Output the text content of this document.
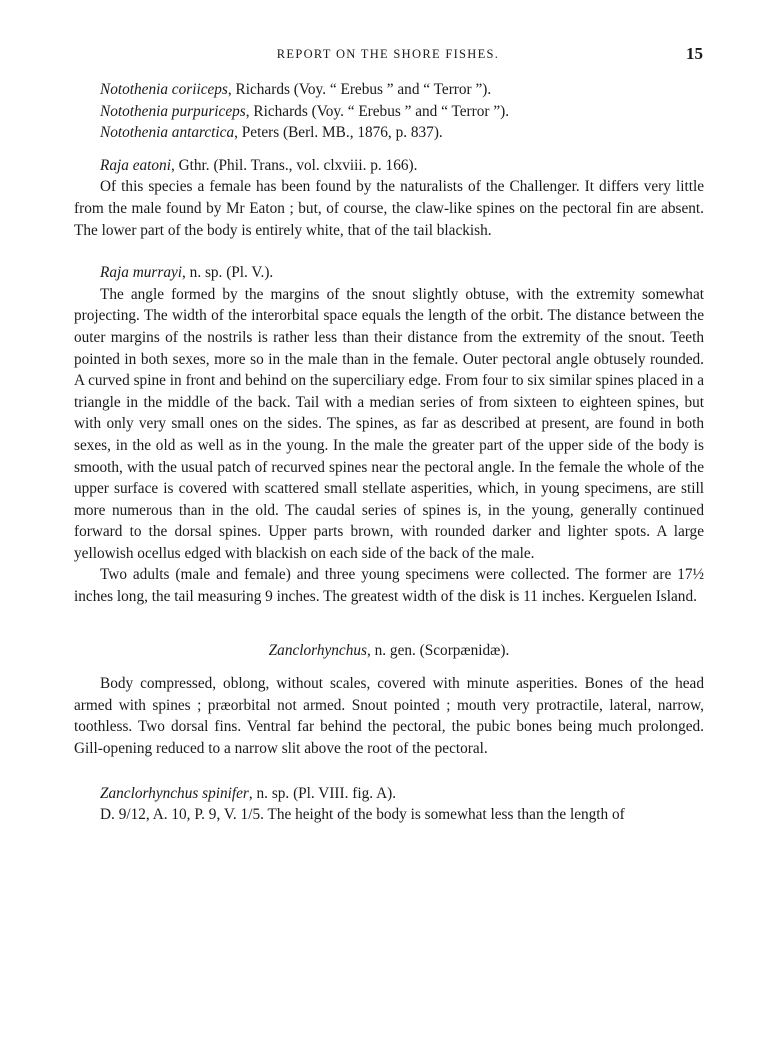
REPORT ON THE SHORE FISHES.	15

Notothenia coriiceps, Richards (Voy. “ Erebus ” and “ Terror ”).

Notothenia purpuriceps, Richards (Voy. “ Erebus ” and “ Terror ”).

Notothenia antarctica, Peters (Berl. MB., 1876, p. 837).

Raja eatoni, Gthr. (Phil. Trans., vol. clxviii. p. 166).

Of this species a female has been found by the naturalists of the Challenger. It differs very little from the male found by Mr Eaton ; but, of course, the claw-like spines on the pectoral fin are absent. The lower part of the body is entirely white, that of the tail blackish.

Raja murrayi, n. sp. (Pl. V.).

The angle formed by the margins of the snout slightly obtuse, with the extremity somewhat projecting. The width of the interorbital space equals the length of the orbit. The distance between the outer margins of the nostrils is rather less than their distance from the extremity of the snout. Teeth pointed in both sexes, more so in the male than in the female. Outer pectoral angle obtusely rounded. A curved spine in front and behind on the superciliary edge. From four to six similar spines placed in a triangle in the middle of the back. Tail with a median series of from sixteen to eighteen spines, but with only very small ones on the sides. The spines, as far as described at present, are found in both sexes, in the old as well as in the young. In the male the greater part of the upper side of the body is smooth, with the usual patch of recurved spines near the pectoral angle. In the female the whole of the upper surface is covered with scattered small stellate asperities, which, in young specimens, are still more numerous than in the old. The caudal series of spines is, in the young, generally continued forward to the dorsal spines. Upper parts brown, with rounded darker and lighter spots. A large yellowish ocellus edged with blackish on each side of the back of the male.

Two adults (male and female) and three young specimens were collected. The former are 17½ inches long, the tail measuring 9 inches. The greatest width of the disk is 11 inches. Kerguelen Island.

Zanclorhynchus, n. gen. (Scorpænidæ).

Body compressed, oblong, without scales, covered with minute asperities. Bones of the head armed with spines ; præorbital not armed. Snout pointed ; mouth very protractile, lateral, narrow, toothless. Two dorsal fins. Ventral far behind the pectoral, the pubic bones being much prolonged. Gill-opening reduced to a narrow slit above the root of the pectoral.

Zanclorhynchus spinifer, n. sp. (Pl. VIII. fig. A).

D. 9/12, A. 10, P. 9, V. 1/5. The height of the body is somewhat less than the length of
